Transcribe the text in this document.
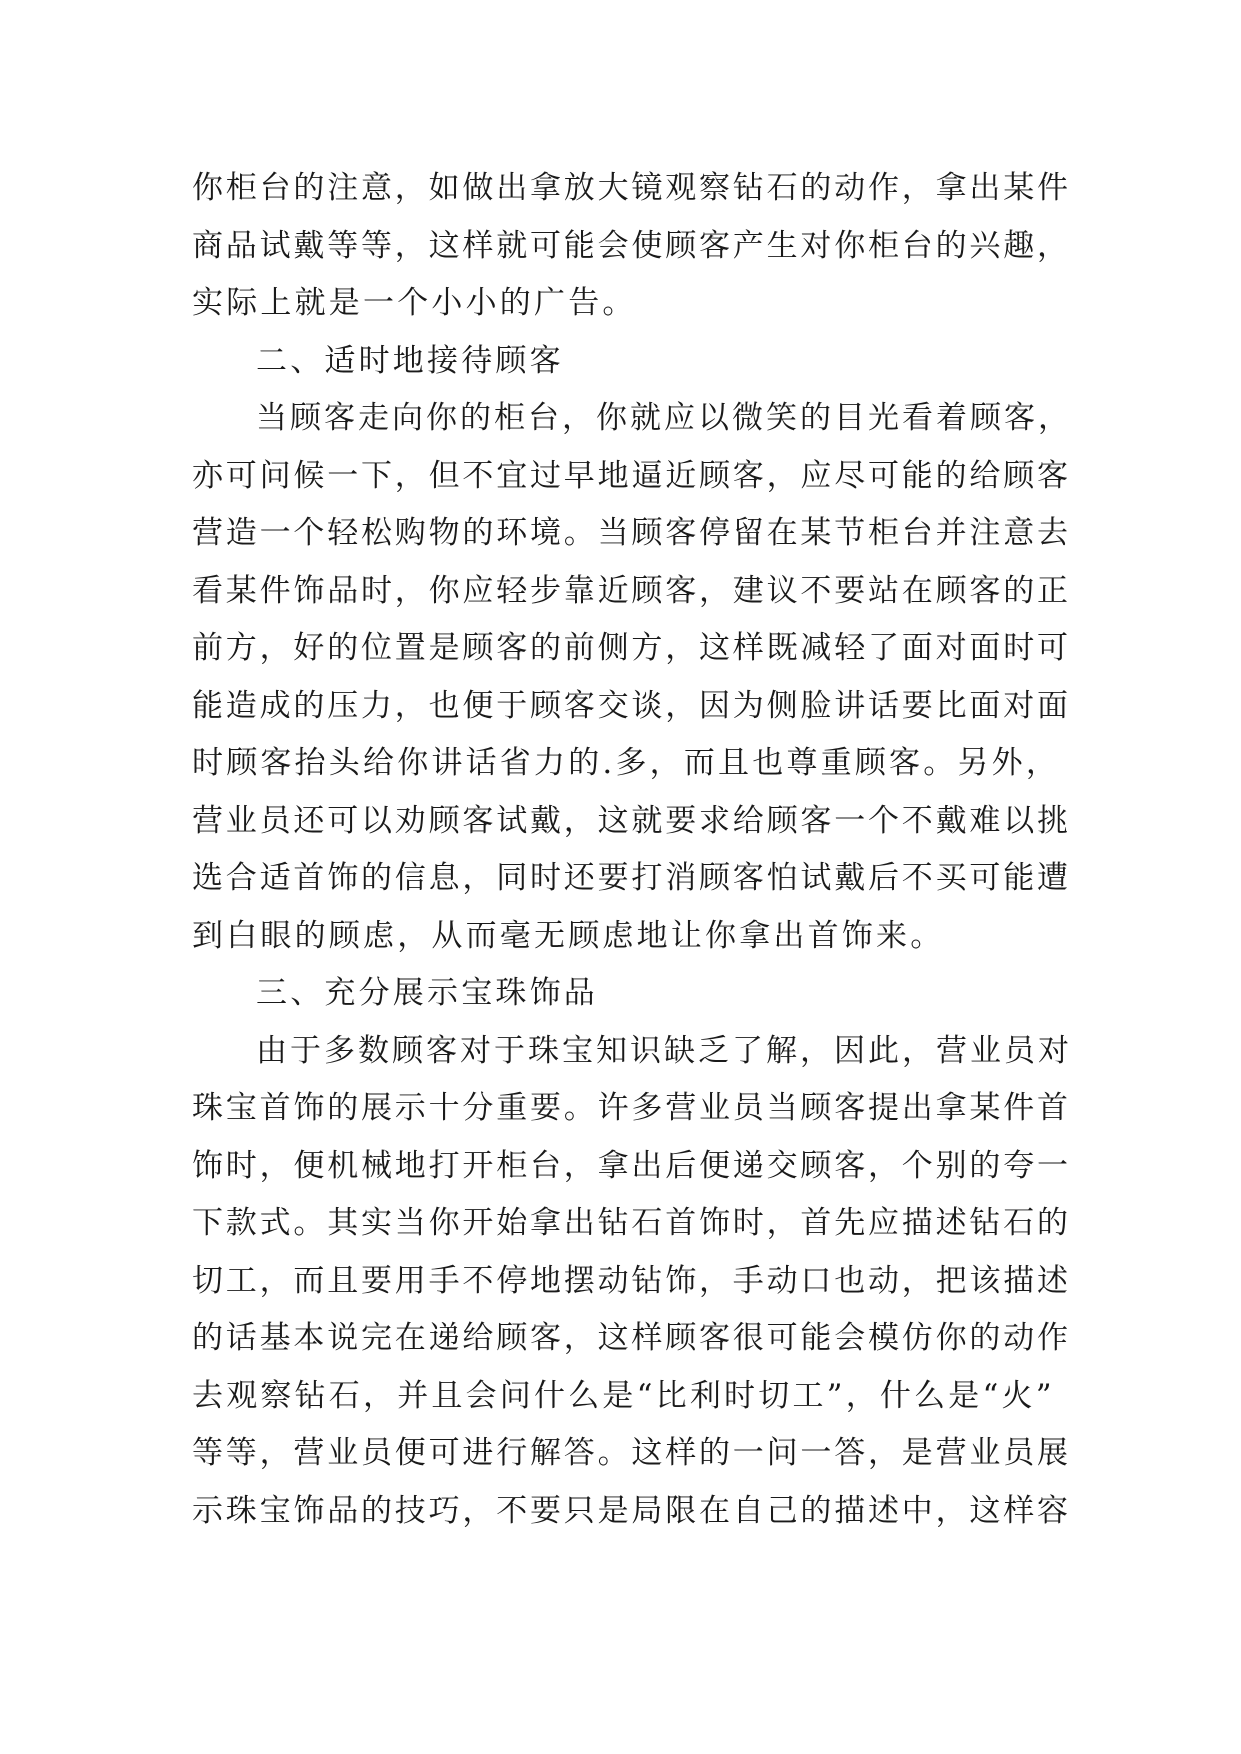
你柜台的注意，如做出拿放大镜观察钻石的动作，拿出某件
商品试戴等等，这样就可能会使顾客产生对你柜台的兴趣，
实际上就是一个小小的广告。
二、适时地接待顾客
当顾客走向你的柜台，你就应以微笑的目光看着顾客，
亦可问候一下，但不宜过早地逼近顾客，应尽可能的给顾客
营造一个轻松购物的环境。当顾客停留在某节柜台并注意去
看某件饰品时，你应轻步靠近顾客，建议不要站在顾客的正
前方，好的位置是顾客的前侧方，这样既减轻了面对面时可
能造成的压力，也便于顾客交谈，因为侧脸讲话要比面对面
时顾客抬头给你讲话省力的.多，而且也尊重顾客。另外，
营业员还可以劝顾客试戴，这就要求给顾客一个不戴难以挑
选合适首饰的信息，同时还要打消顾客怕试戴后不买可能遭
到白眼的顾虑，从而毫无顾虑地让你拿出首饰来。
三、充分展示宝珠饰品
由于多数顾客对于珠宝知识缺乏了解，因此，营业员对
珠宝首饰的展示十分重要。许多营业员当顾客提出拿某件首
饰时，便机械地打开柜台，拿出后便递交顾客，个别的夸一
下款式。其实当你开始拿出钻石首饰时，首先应描述钻石的
切工，而且要用手不停地摆动钻饰，手动口也动，把该描述
的话基本说完在递给顾客，这样顾客很可能会模仿你的动作
去观察钻石，并且会问什么是“比利时切工”，什么是“火”
等等，营业员便可进行解答。这样的一问一答，是营业员展
示珠宝饰品的技巧，不要只是局限在自己的描述中，这样容
